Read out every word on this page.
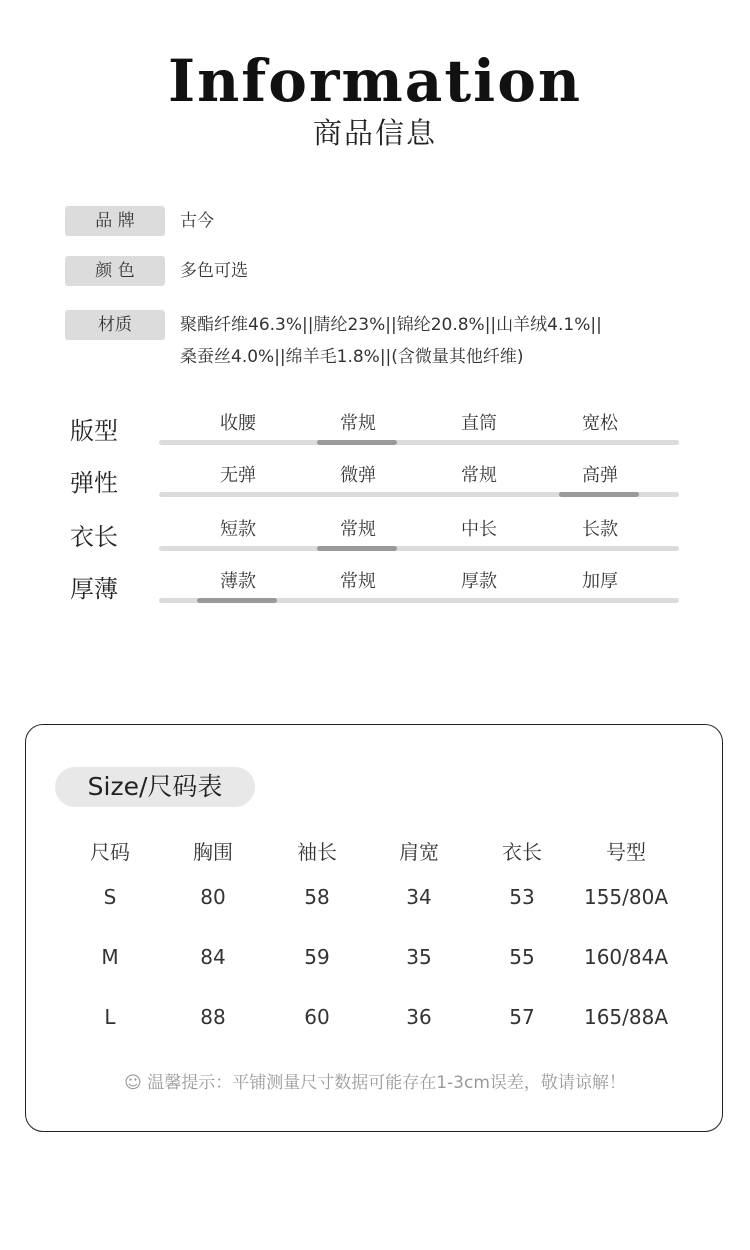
Information
商品信息
品 牌	古今
颜 色	多色可选
材质	聚酯纤维46.3%||腈纶23%||锦纶20.8%||山羊绒4.1%||
桑蚕丝4.0%||绵羊毛1.8%||(含微量其他纤维)
版型	收腰	常规	直筒	宽松
弹性	无弹	微弹	常规	高弹
衣长	短款	常规	中长	长款
厚薄	薄款	常规	厚款	加厚
Size/尺码表
尺码	胸围	袖长	肩宽	衣长	号型
S	80	58	34	53	155/80A
M	84	59	35	55	160/84A
L	88	60	36	57	165/88A
☺ 温馨提示：平铺测量尺寸数据可能存在1-3cm误差，敬请谅解！
